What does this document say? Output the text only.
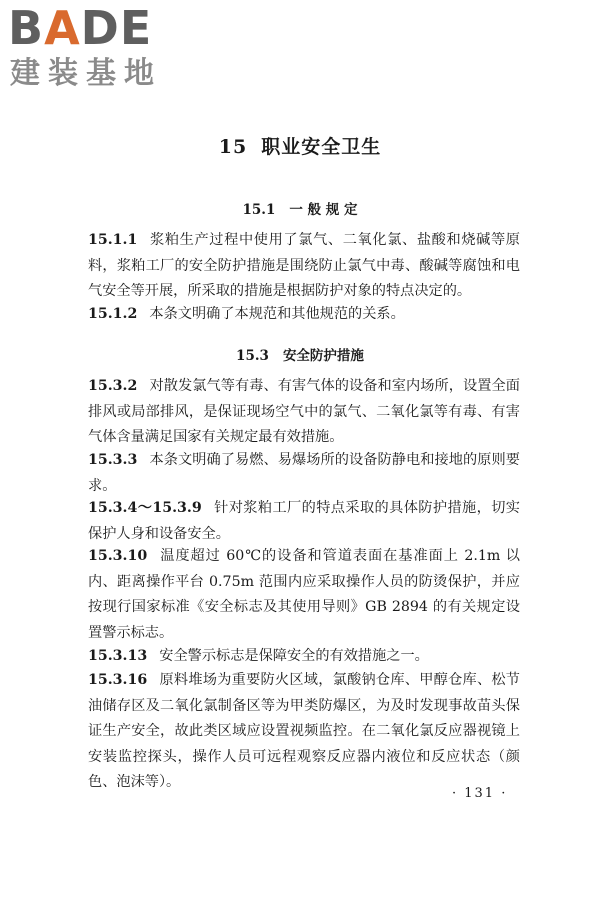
BADE
建装基地
15 职业安全卫生
15.1 一 般 规 定
15.1.1 浆粕生产过程中使用了氯气、二氧化氯、盐酸和烧碱等原料，浆粕工厂的安全防护措施是围绕防止氯气中毒、酸碱等腐蚀和电气安全等开展，所采取的措施是根据防护对象的特点决定的。
15.1.2 本条文明确了本规范和其他规范的关系。
15.3 安全防护措施
15.3.2 对散发氯气等有毒、有害气体的设备和室内场所，设置全面排风或局部排风，是保证现场空气中的氯气、二氧化氯等有毒、有害气体含量满足国家有关规定最有效措施。
15.3.3 本条文明确了易燃、易爆场所的设备防静电和接地的原则要求。
15.3.4～15.3.9 针对浆粕工厂的特点采取的具体防护措施，切实保护人身和设备安全。
15.3.10 温度超过 60℃的设备和管道表面在基准面上 2.1m 以内、距离操作平台 0.75m 范围内应采取操作人员的防烫保护，并应按现行国家标准《安全标志及其使用导则》GB 2894 的有关规定设置警示标志。
15.3.13 安全警示标志是保障安全的有效措施之一。
15.3.16 原料堆场为重要防火区域，氯酸钠仓库、甲醇仓库、松节油储存区及二氧化氯制备区等为甲类防爆区，为及时发现事故苗头保证生产安全，故此类区域应设置视频监控。在二氧化氯反应器视镜上安装监控探头，操作人员可远程观察反应器内液位和反应状态（颜色、泡沫等）。
· 131 ·
